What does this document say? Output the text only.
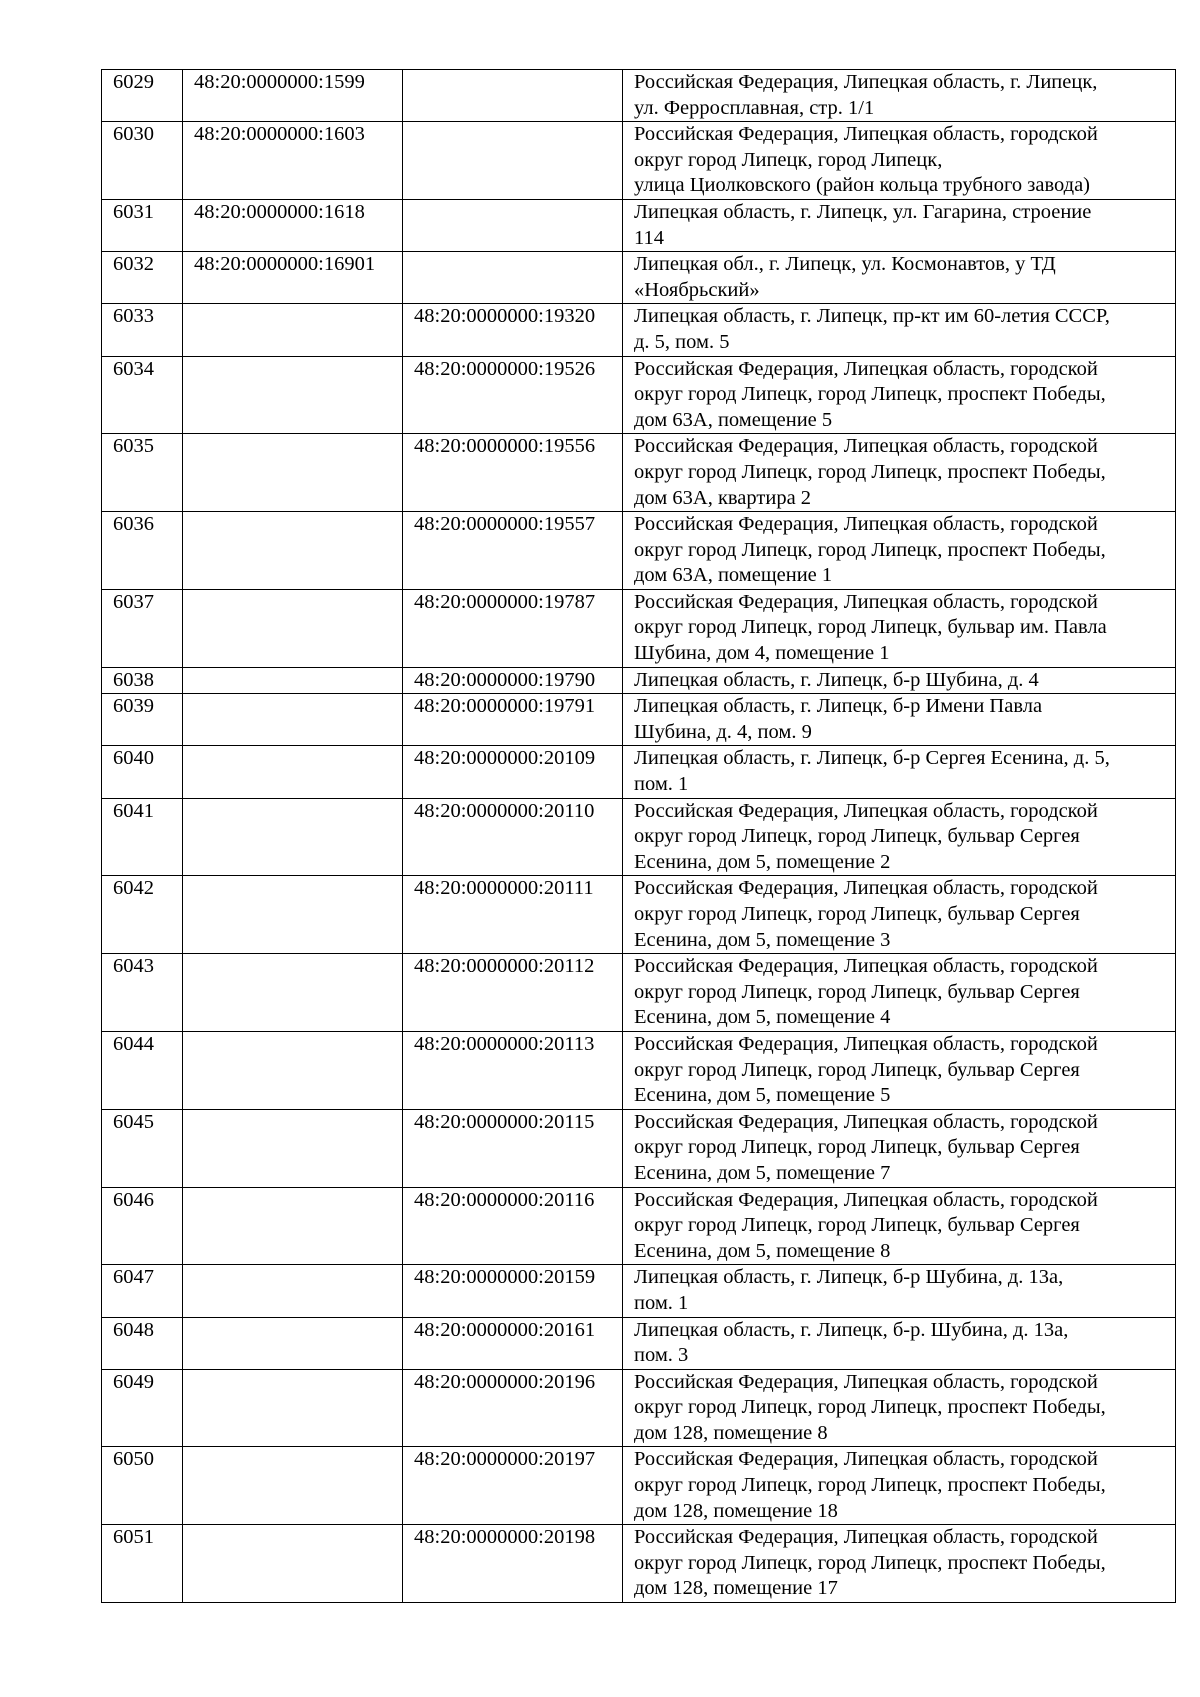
6029	48:20:0000000:1599		Российская Федерация, Липецкая область, г. Липецк,
ул. Ферросплавная, стр. 1/1
6030	48:20:0000000:1603		Российская Федерация, Липецкая область, городской
округ город Липецк, город Липецк,
улица Циолковского (район кольца трубного завода)
6031	48:20:0000000:1618		Липецкая область, г. Липецк, ул. Гагарина, строение
114
6032	48:20:0000000:16901		Липецкая обл., г. Липецк, ул. Космонавтов, у ТД
«Ноябрьский»
6033		48:20:0000000:19320	Липецкая область, г. Липецк, пр-кт им 60-летия СССР,
д. 5, пом. 5
6034		48:20:0000000:19526	Российская Федерация, Липецкая область, городской
округ город Липецк, город Липецк, проспект Победы,
дом 63А, помещение 5
6035		48:20:0000000:19556	Российская Федерация, Липецкая область, городской
округ город Липецк, город Липецк, проспект Победы,
дом 63А, квартира 2
6036		48:20:0000000:19557	Российская Федерация, Липецкая область, городской
округ город Липецк, город Липецк, проспект Победы,
дом 63А, помещение 1
6037		48:20:0000000:19787	Российская Федерация, Липецкая область, городской
округ город Липецк, город Липецк, бульвар им. Павла
Шубина, дом 4, помещение 1
6038		48:20:0000000:19790	Липецкая область, г. Липецк, б-р Шубина, д. 4
6039		48:20:0000000:19791	Липецкая область, г. Липецк, б-р Имени Павла
Шубина, д. 4, пом. 9
6040		48:20:0000000:20109	Липецкая область, г. Липецк, б-р Сергея Есенина, д. 5,
пом. 1
6041		48:20:0000000:20110	Российская Федерация, Липецкая область, городской
округ город Липецк, город Липецк, бульвар Сергея
Есенина, дом 5, помещение 2
6042		48:20:0000000:20111	Российская Федерация, Липецкая область, городской
округ город Липецк, город Липецк, бульвар Сергея
Есенина, дом 5, помещение 3
6043		48:20:0000000:20112	Российская Федерация, Липецкая область, городской
округ город Липецк, город Липецк, бульвар Сергея
Есенина, дом 5, помещение 4
6044		48:20:0000000:20113	Российская Федерация, Липецкая область, городской
округ город Липецк, город Липецк, бульвар Сергея
Есенина, дом 5, помещение 5
6045		48:20:0000000:20115	Российская Федерация, Липецкая область, городской
округ город Липецк, город Липецк, бульвар Сергея
Есенина, дом 5, помещение 7
6046		48:20:0000000:20116	Российская Федерация, Липецкая область, городской
округ город Липецк, город Липецк, бульвар Сергея
Есенина, дом 5, помещение 8
6047		48:20:0000000:20159	Липецкая область, г. Липецк, б-р Шубина, д. 13а,
пом. 1
6048		48:20:0000000:20161	Липецкая область, г. Липецк, б-р. Шубина, д. 13а,
пом. 3
6049		48:20:0000000:20196	Российская Федерация, Липецкая область, городской
округ город Липецк, город Липецк, проспект Победы,
дом 128, помещение 8
6050		48:20:0000000:20197	Российская Федерация, Липецкая область, городской
округ город Липецк, город Липецк, проспект Победы,
дом 128, помещение 18
6051		48:20:0000000:20198	Российская Федерация, Липецкая область, городской
округ город Липецк, город Липецк, проспект Победы,
дом 128, помещение 17
